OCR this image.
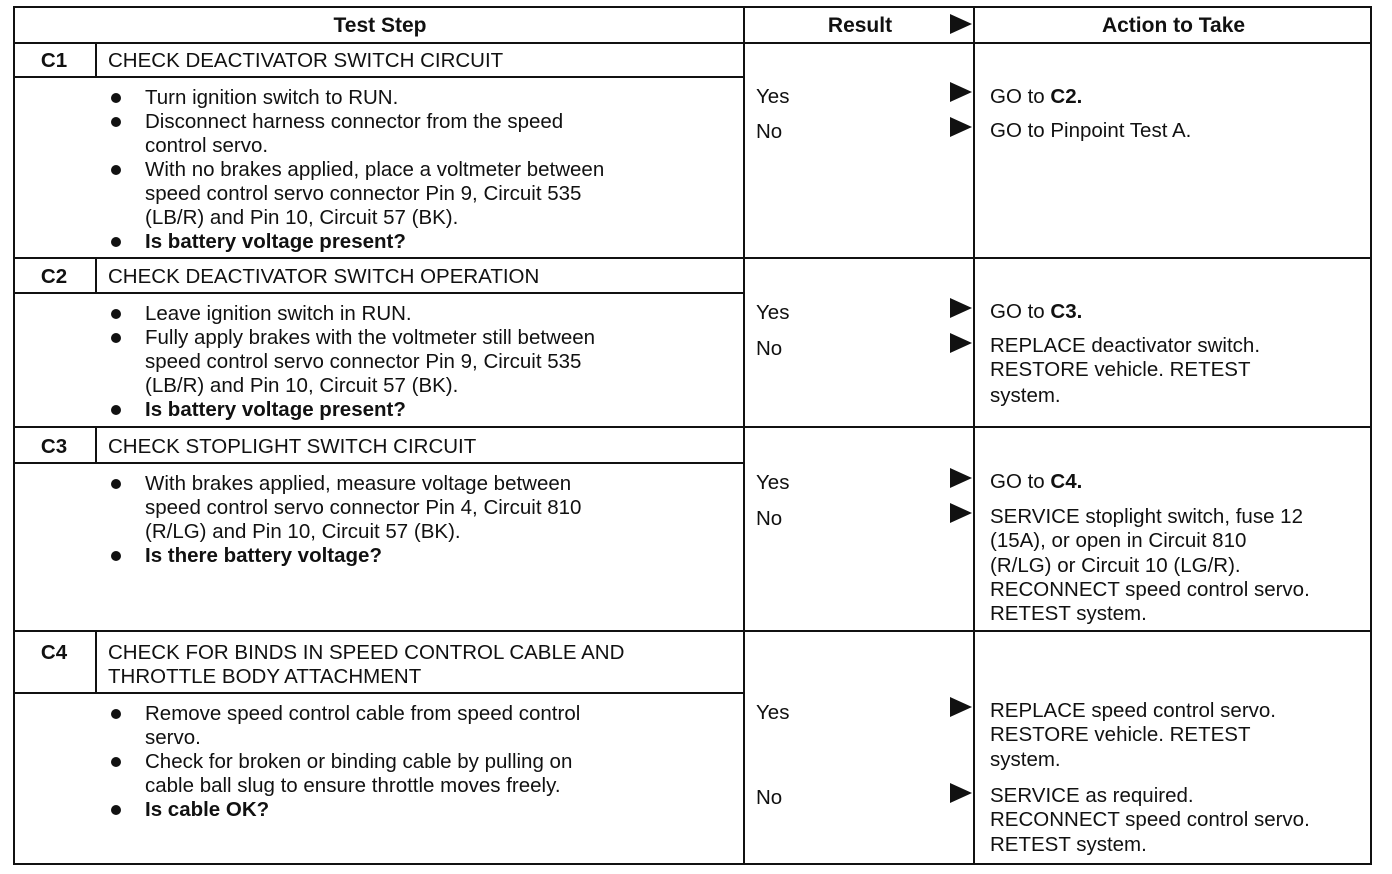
Test Step	Result	Action to Take
C1	CHECK DEACTIVATOR SWITCH CIRCUIT
Turn ignition switch to RUN.
Disconnect harness connector from the speed
control servo.
With no brakes applied, place a voltmeter between
speed control servo connector Pin 9, Circuit 535
(LB/R) and Pin 10, Circuit 57 (BK).
Is battery voltage present?
Yes	GO to C2.
No	GO to Pinpoint Test A.
C2	CHECK DEACTIVATOR SWITCH OPERATION
Leave ignition switch in RUN.
Fully apply brakes with the voltmeter still between
speed control servo connector Pin 9, Circuit 535
(LB/R) and Pin 10, Circuit 57 (BK).
Is battery voltage present?
Yes	GO to C3.
No	REPLACE deactivator switch.
RESTORE vehicle. RETEST
system.
C3	CHECK STOPLIGHT SWITCH CIRCUIT
With brakes applied, measure voltage between
speed control servo connector Pin 4, Circuit 810
(R/LG) and Pin 10, Circuit 57 (BK).
Is there battery voltage?
Yes	GO to C4.
No	SERVICE stoplight switch, fuse 12
(15A), or open in Circuit 810
(R/LG) or Circuit 10 (LG/R).
RECONNECT speed control servo.
RETEST system.
C4	CHECK FOR BINDS IN SPEED CONTROL CABLE AND
THROTTLE BODY ATTACHMENT
Remove speed control cable from speed control
servo.
Check for broken or binding cable by pulling on
cable ball slug to ensure throttle moves freely.
Is cable OK?
Yes	REPLACE speed control servo.
RESTORE vehicle. RETEST
system.
No	SERVICE as required.
RECONNECT speed control servo.
RETEST system.
